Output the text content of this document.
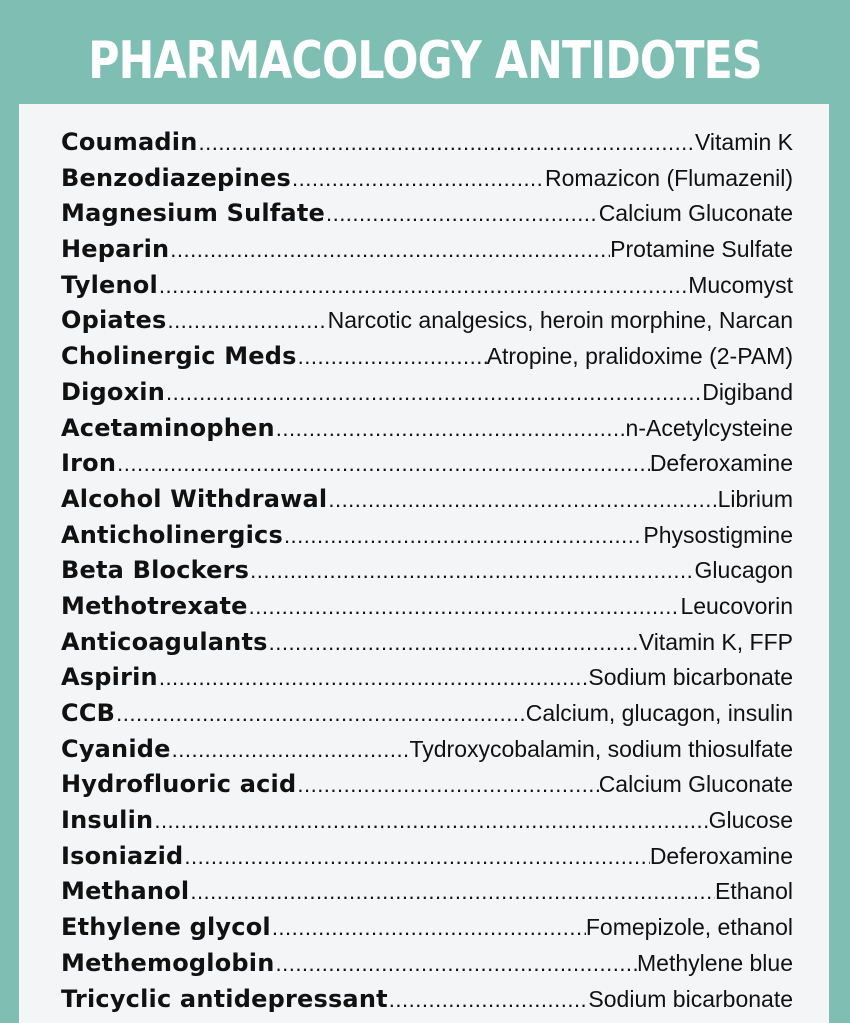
PHARMACOLOGY ANTIDOTES
Coumadin .....	Vitamin K
Benzodiazepines .....	Romazicon (Flumazenil)
Magnesium Sulfate .....	Calcium Gluconate
Heparin .....	Protamine Sulfate
Tylenol .....	Mucomyst
Opiates .....	Narcotic analgesics, heroin morphine, Narcan
Cholinergic Meds .....	Atropine, pralidoxime (2-PAM)
Digoxin .....	Digiband
Acetaminophen .....	n-Acetylcysteine
Iron .....	Deferoxamine
Alcohol Withdrawal .....	Librium
Anticholinergics .....	Physostigmine
Beta Blockers .....	Glucagon
Methotrexate .....	Leucovorin
Anticoagulants .....	Vitamin K, FFP
Aspirin .....	Sodium bicarbonate
CCB .....	Calcium, glucagon, insulin
Cyanide .....	Tydroxycobalamin, sodium thiosulfate
Hydrofluoric acid .....	Calcium Gluconate
Insulin .....	Glucose
Isoniazid .....	Deferoxamine
Methanol .....	Ethanol
Ethylene glycol .....	Fomepizole, ethanol
Methemoglobin .....	Methylene blue
Tricyclic antidepressant .....	Sodium bicarbonate
